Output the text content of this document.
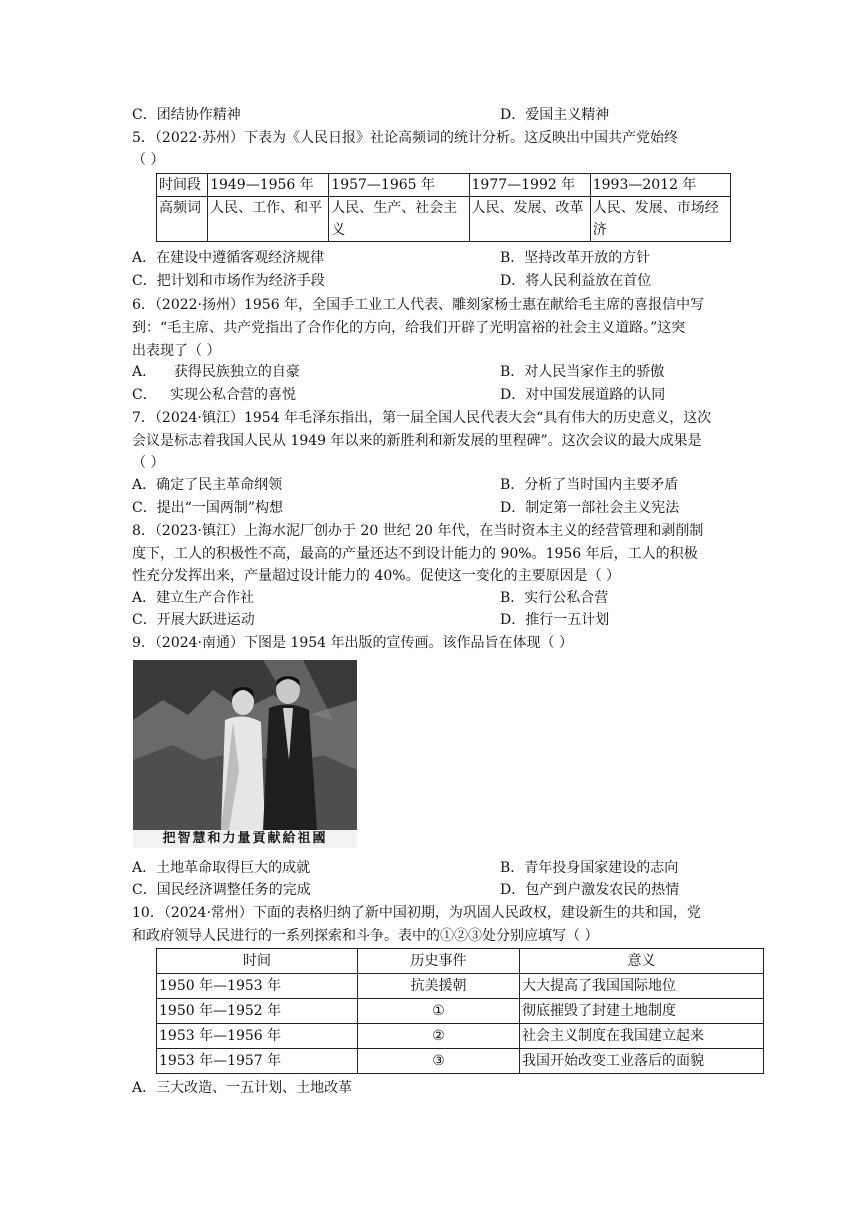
C．团结协作精神	D．爱国主义精神
5．（2022·苏州）下表为《人民日报》社论高频词的统计分析。这反映出中国共产党始终
（ ）
时间段	1949—1956 年	1957—1965 年	1977—1992 年	1993—2012 年
高频词	人民、工作、和平	人民、生产、社会主义	人民、发展、改革	人民、发展、市场经济
A．在建设中遵循客观经济规律	B．坚持改革开放的方针
C．把计划和市场作为经济手段	D．将人民利益放在首位
6．（2022·扬州）1956 年，全国手工业工人代表、雕刻家杨士惠在献给毛主席的喜报信中写
到：“毛主席、共产党指出了合作化的方向，给我们开辟了光明富裕的社会主义道路。”这突
出表现了（ ）
A．    获得民族独立的自豪	B．对人民当家作主的骄傲
C．   实现公私合营的喜悦	D．对中国发展道路的认同
7．（2024·镇江）1954 年毛泽东指出，第一届全国人民代表大会“具有伟大的历史意义，这次
会议是标志着我国人民从 1949 年以来的新胜利和新发展的里程碑”。这次会议的最大成果是
（ ）
A．确定了民主革命纲领	B．分析了当时国内主要矛盾
C．提出“一国两制”构想	D．制定第一部社会主义宪法
8．（2023·镇江）上海水泥厂创办于 20 世纪 20 年代，在当时资本主义的经营管理和剥削制
度下，工人的积极性不高，最高的产量还达不到设计能力的 90%。1956 年后，工人的积极
性充分发挥出来，产量超过设计能力的 40%。促使这一变化的主要原因是（ ）
A．建立生产合作社	B．实行公私合营
C．开展大跃进运动	D．推行一五计划
9．（2024·南通）下图是 1954 年出版的宣传画。该作品旨在体现（ ）
把智慧和力量貢献給祖國
A．土地革命取得巨大的成就	B．青年投身国家建设的志向
C．国民经济调整任务的完成	D．包产到户激发农民的热情
10．（2024·常州）下面的表格归纳了新中国初期，为巩固人民政权，建设新生的共和国，党
和政府领导人民进行的一系列探索和斗争。表中的①②③处分别应填写（ ）
时间	历史事件	意义
1950 年—1953 年	抗美援朝	大大提高了我国国际地位
1950 年—1952 年	①	彻底摧毁了封建土地制度
1953 年—1956 年	②	社会主义制度在我国建立起来
1953 年—1957 年	③	我国开始改变工业落后的面貌
A．三大改造、一五计划、土地改革
